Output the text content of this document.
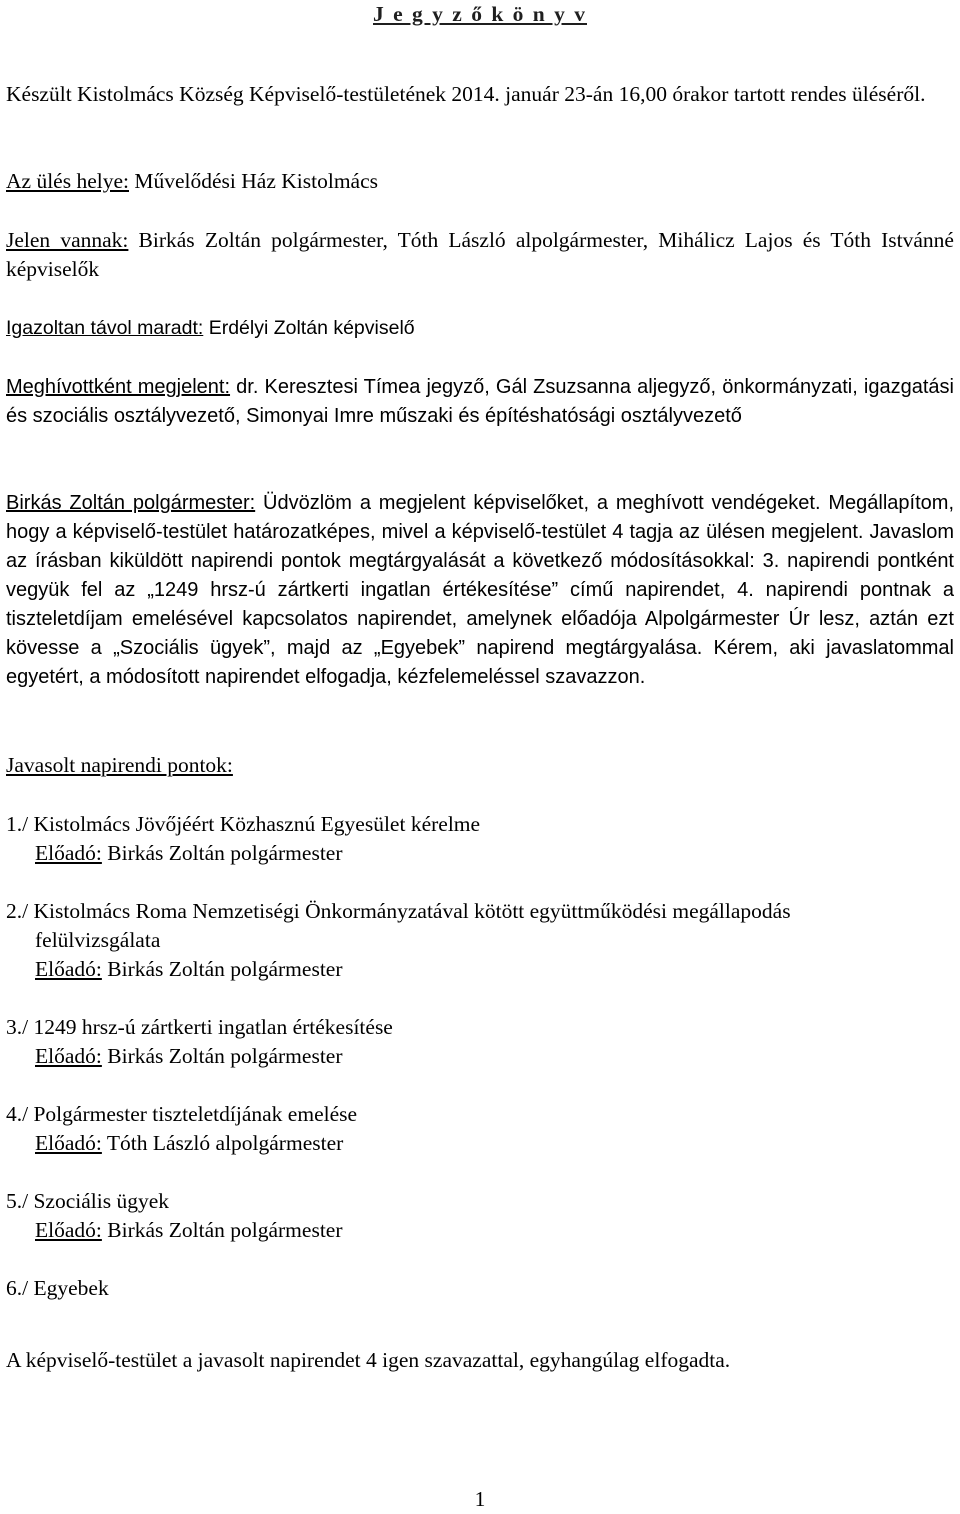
J e g y z ő k ö n y v

Készült Kistolmács Község Képviselő-testületének 2014. január 23-án 16,00 órakor tartott rendes üléséről.

Az ülés helye: Művelődési Ház Kistolmács

Jelen vannak: Birkás Zoltán polgármester, Tóth László alpolgármester, Mihálicz Lajos és Tóth Istvánné képviselők

Igazoltan távol maradt: Erdélyi Zoltán képviselő

Meghívottként megjelent: dr. Keresztesi Tímea jegyző, Gál Zsuzsanna aljegyző, önkormányzati, igazgatási és szociális osztályvezető, Simonyai Imre műszaki és építéshatósági osztályvezető

Birkás Zoltán polgármester: Üdvözlöm a megjelent képviselőket, a meghívott vendégeket. Megállapítom, hogy a képviselő-testület határozatképes, mivel a képviselő-testület 4 tagja az ülésen megjelent. Javaslom az írásban kiküldött napirendi pontok megtárgyalását a következő módosításokkal: 3. napirendi pontként vegyük fel az „1249 hrsz-ú zártkerti ingatlan értékesítése” című napirendet, 4. napirendi pontnak a tiszteletdíjam emelésével kapcsolatos napirendet, amelynek előadója Alpolgármester Úr lesz, aztán ezt kövesse a „Szociális ügyek”, majd az „Egyebek” napirend megtárgyalása. Kérem, aki javaslatommal egyetért, a módosított napirendet elfogadja, kézfelemeléssel szavazzon.

Javasolt napirendi pontok:

1./ Kistolmács Jövőjéért Közhasznú Egyesület kérelme
Előadó: Birkás Zoltán polgármester
2./ Kistolmács Roma Nemzetiségi Önkormányzatával kötött együttműködési megállapodás
felülvizsgálata
Előadó: Birkás Zoltán polgármester
3./ 1249 hrsz-ú zártkerti ingatlan értékesítése
Előadó: Birkás Zoltán polgármester
4./ Polgármester tiszteletdíjának emelése
Előadó: Tóth László alpolgármester
5./ Szociális ügyek
Előadó: Birkás Zoltán polgármester
6./ Egyebek

A képviselő-testület a javasolt napirendet 4 igen szavazattal, egyhangúlag elfogadta.

1
